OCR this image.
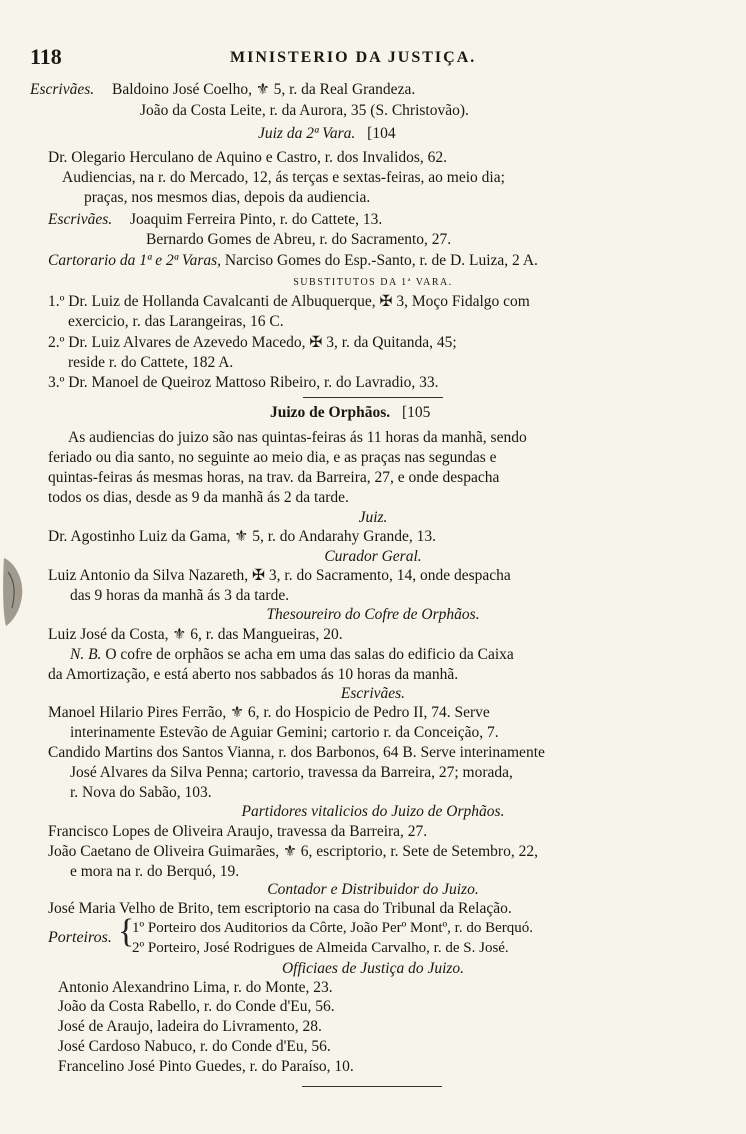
118	MINISTERIO DA JUSTIÇA.
Escrivães. Baldoino José Coelho, ⚜ 5, r. da Real Grandeza.
João da Costa Leite, r. da Aurora, 35 (S. Christovão).
Juiz da 2ª Vara. [104
Dr. Olegario Herculano de Aquino e Castro, r. dos Invalidos, 62.
Audiencias, na r. do Mercado, 12, ás terças e sextas-feiras, ao meio dia;
praças, nos mesmos dias, depois da audiencia.
Escrivães. Joaquim Ferreira Pinto, r. do Cattete, 13.
Bernardo Gomes de Abreu, r. do Sacramento, 27.
Cartorario da 1ª e 2ª Varas, Narciso Gomes do Esp.-Santo, r. de D. Luiza, 2 A.
SUBSTITUTOS DA 1ª VARA.
1.º Dr. Luiz de Hollanda Cavalcanti de Albuquerque, ✠ 3, Moço Fidalgo com
exercicio, r. das Larangeiras, 16 C.
2.º Dr. Luiz Alvares de Azevedo Macedo, ✠ 3, r. da Quitanda, 45;
reside r. do Cattete, 182 A.
3.º Dr. Manoel de Queiroz Mattoso Ribeiro, r. do Lavradio, 33.
Juizo de Orphãos. [105
As audiencias do juizo são nas quintas-feiras ás 11 horas da manhã, sendo
feriado ou dia santo, no seguinte ao meio dia, e as praças nas segundas e
quintas-feiras ás mesmas horas, na trav. da Barreira, 27, e onde despacha
todos os dias, desde as 9 da manhã ás 2 da tarde.
Juiz.
Dr. Agostinho Luiz da Gama, ⚜ 5, r. do Andarahy Grande, 13.
Curador Geral.
Luiz Antonio da Silva Nazareth, ✠ 3, r. do Sacramento, 14, onde despacha
das 9 horas da manhã ás 3 da tarde.
Thesoureiro do Cofre de Orphãos.
Luiz José da Costa, ⚜ 6, r. das Mangueiras, 20.
N. B. O cofre de orphãos se acha em uma das salas do edificio da Caixa
da Amortização, e está aberto nos sabbados ás 10 horas da manhã.
Escrivães.
Manoel Hilario Pires Ferrão, ⚜ 6, r. do Hospicio de Pedro II, 74. Serve
interinamente Estevão de Aguiar Gemini; cartorio r. da Conceição, 7.
Candido Martins dos Santos Vianna, r. dos Barbonos, 64 B. Serve interinamente
José Alvares da Silva Penna; cartorio, travessa da Barreira, 27; morada,
r. Nova do Sabão, 103.
Partidores vitalicios do Juizo de Orphãos.
Francisco Lopes de Oliveira Araujo, travessa da Barreira, 27.
João Caetano de Oliveira Guimarães, ⚜ 6, escriptorio, r. Sete de Setembro, 22,
e mora na r. do Berquó, 19.
Contador e Distribuidor do Juizo.
José Maria Velho de Brito, tem escriptorio na casa do Tribunal da Relação.
Porteiros. {
1º Porteiro dos Auditorios da Côrte, João Perº Montº, r. do Berquó.
2º Porteiro, José Rodrigues de Almeida Carvalho, r. de S. José.
Officiaes de Justiça do Juizo.
Antonio Alexandrino Lima, r. do Monte, 23.
João da Costa Rabello, r. do Conde d'Eu, 56.
José de Araujo, ladeira do Livramento, 28.
José Cardoso Nabuco, r. do Conde d'Eu, 56.
Francelino José Pinto Guedes, r. do Paraíso, 10.
